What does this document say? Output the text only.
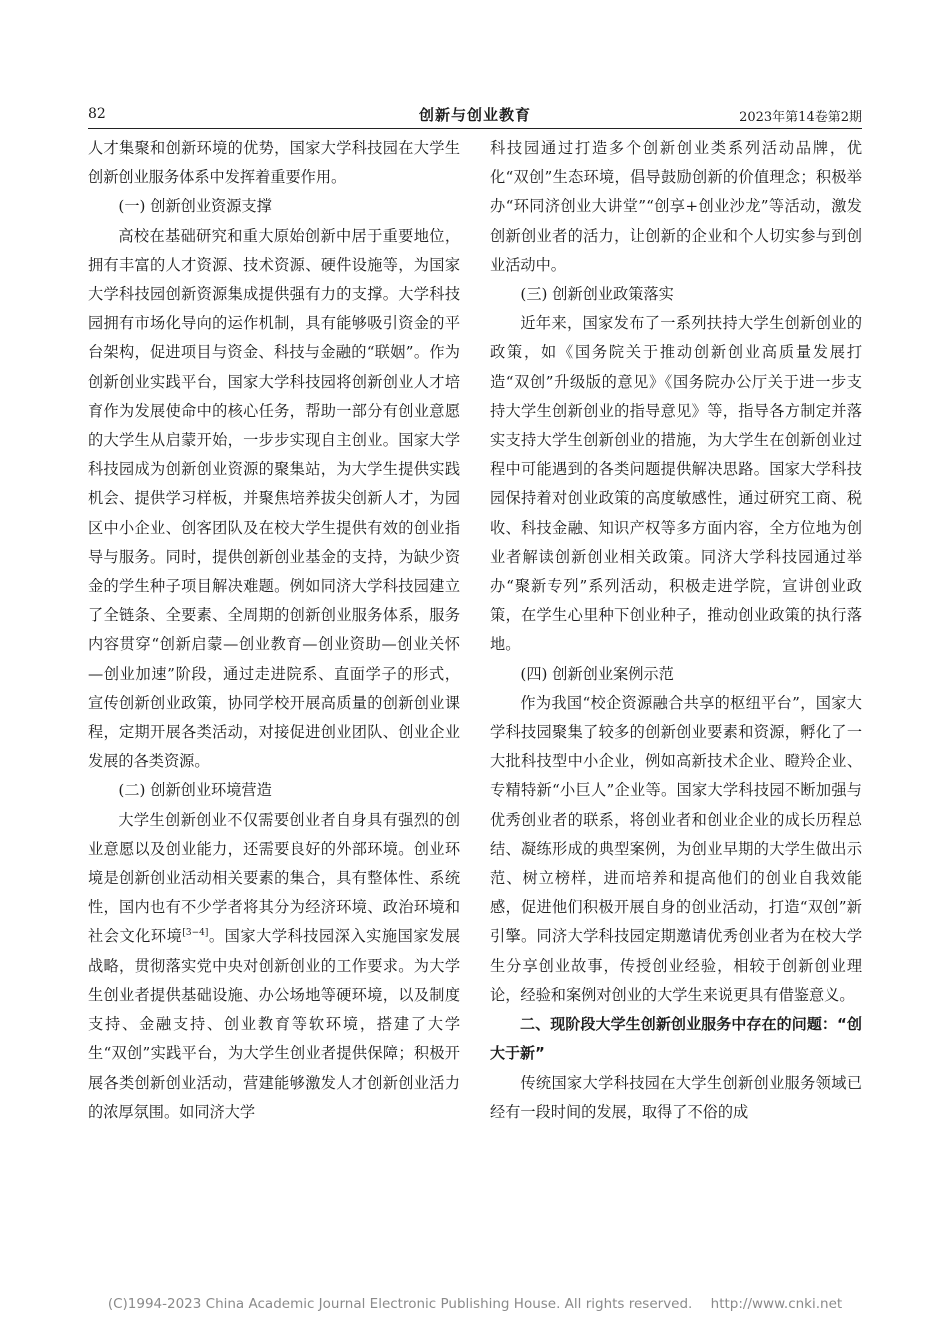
82	创新与创业教育	2023年第14卷第2期

人才集聚和创新环境的优势，国家大学科技园在大学生创新创业服务体系中发挥着重要作用。

(一) 创新创业资源支撑

高校在基础研究和重大原始创新中居于重要地位，拥有丰富的人才资源、技术资源、硬件设施等，为国家大学科技园创新资源集成提供强有力的支撑。大学科技园拥有市场化导向的运作机制，具有能够吸引资金的平台架构，促进项目与资金、科技与金融的“联姻”。作为创新创业实践平台，国家大学科技园将创新创业人才培育作为发展使命中的核心任务，帮助一部分有创业意愿的大学生从启蒙开始，一步步实现自主创业。国家大学科技园成为创新创业资源的聚集站，为大学生提供实践机会、提供学习样板，并聚焦培养拔尖创新人才，为园区中小企业、创客团队及在校大学生提供有效的创业指导与服务。同时，提供创新创业基金的支持，为缺少资金的学生种子项目解决难题。例如同济大学科技园建立了全链条、全要素、全周期的创新创业服务体系，服务内容贯穿“创新启蒙—创业教育—创业资助—创业关怀—创业加速”阶段，通过走进院系、直面学子的形式，宣传创新创业政策，协同学校开展高质量的创新创业课程，定期开展各类活动，对接促进创业团队、创业企业发展的各类资源。

(二) 创新创业环境营造

大学生创新创业不仅需要创业者自身具有强烈的创业意愿以及创业能力，还需要良好的外部环境。创业环境是创新创业活动相关要素的集合，具有整体性、系统性，国内也有不少学者将其分为经济环境、政治环境和社会文化环境[3−4]。国家大学科技园深入实施国家发展战略，贯彻落实党中央对创新创业的工作要求。为大学生创业者提供基础设施、办公场地等硬环境，以及制度支持、金融支持、创业教育等软环境，搭建了大学生“双创”实践平台，为大学生创业者提供保障；积极开展各类创新创业活动，营建能够激发人才创新创业活力的浓厚氛围。如同济大学

科技园通过打造多个创新创业类系列活动品牌，优化“双创”生态环境，倡导鼓励创新的价值理念；积极举办“环同济创业大讲堂”“创享+创业沙龙”等活动，激发创新创业者的活力，让创新的企业和个人切实参与到创业活动中。

(三) 创新创业政策落实

近年来，国家发布了一系列扶持大学生创新创业的政策，如《国务院关于推动创新创业高质量发展打造“双创”升级版的意见》《国务院办公厅关于进一步支持大学生创新创业的指导意见》等，指导各方制定并落实支持大学生创新创业的措施，为大学生在创新创业过程中可能遇到的各类问题提供解决思路。国家大学科技园保持着对创业政策的高度敏感性，通过研究工商、税收、科技金融、知识产权等多方面内容，全方位地为创业者解读创新创业相关政策。同济大学科技园通过举办“聚新专列”系列活动，积极走进学院，宣讲创业政策，在学生心里种下创业种子，推动创业政策的执行落地。

(四) 创新创业案例示范

作为我国“校企资源融合共享的枢纽平台”，国家大学科技园聚集了较多的创新创业要素和资源，孵化了一大批科技型中小企业，例如高新技术企业、瞪羚企业、专精特新“小巨人”企业等。国家大学科技园不断加强与优秀创业者的联系，将创业者和创业企业的成长历程总结、凝练形成的典型案例，为创业早期的大学生做出示范、树立榜样，进而培养和提高他们的创业自我效能感，促进他们积极开展自身的创业活动，打造“双创”新引擎。同济大学科技园定期邀请优秀创业者为在校大学生分享创业故事，传授创业经验，相较于创新创业理论，经验和案例对创业的大学生来说更具有借鉴意义。

二、现阶段大学生创新创业服务中存在的问题：“创大于新”

传统国家大学科技园在大学生创新创业服务领域已经有一段时间的发展，取得了不俗的成

(C)1994-2023 China Academic Journal Electronic Publishing House. All rights reserved. http://www.cnki.net
